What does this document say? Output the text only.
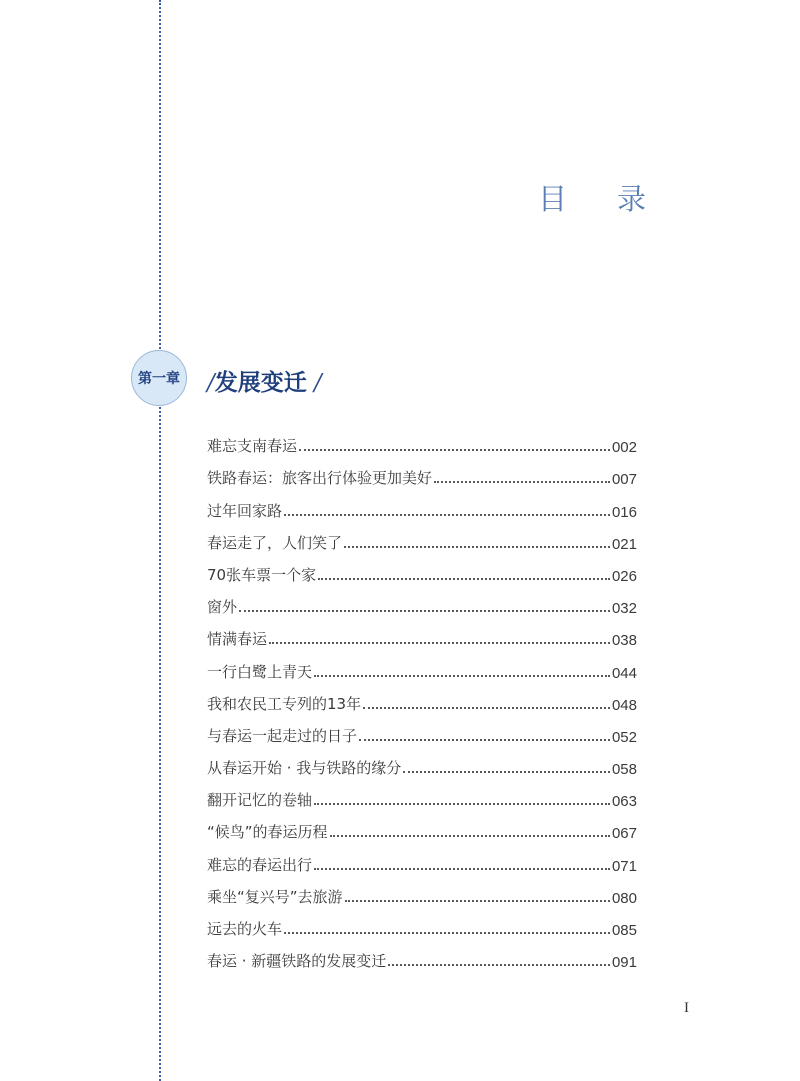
目录
第一章	/发展变迁 /
难忘支南春运	002
铁路春运：旅客出行体验更加美好	007
过年回家路	016
春运走了，人们笑了	021
70张车票一个家	026
窗外	032
情满春运	038
一行白鹭上青天	044
我和农民工专列的13年	048
与春运一起走过的日子	052
从春运开始 · 我与铁路的缘分	058
翻开记忆的卷轴	063
“候鸟”的春运历程	067
难忘的春运出行	071
乘坐“复兴号”去旅游	080
远去的火车	085
春运 · 新疆铁路的发展变迁	091
I
